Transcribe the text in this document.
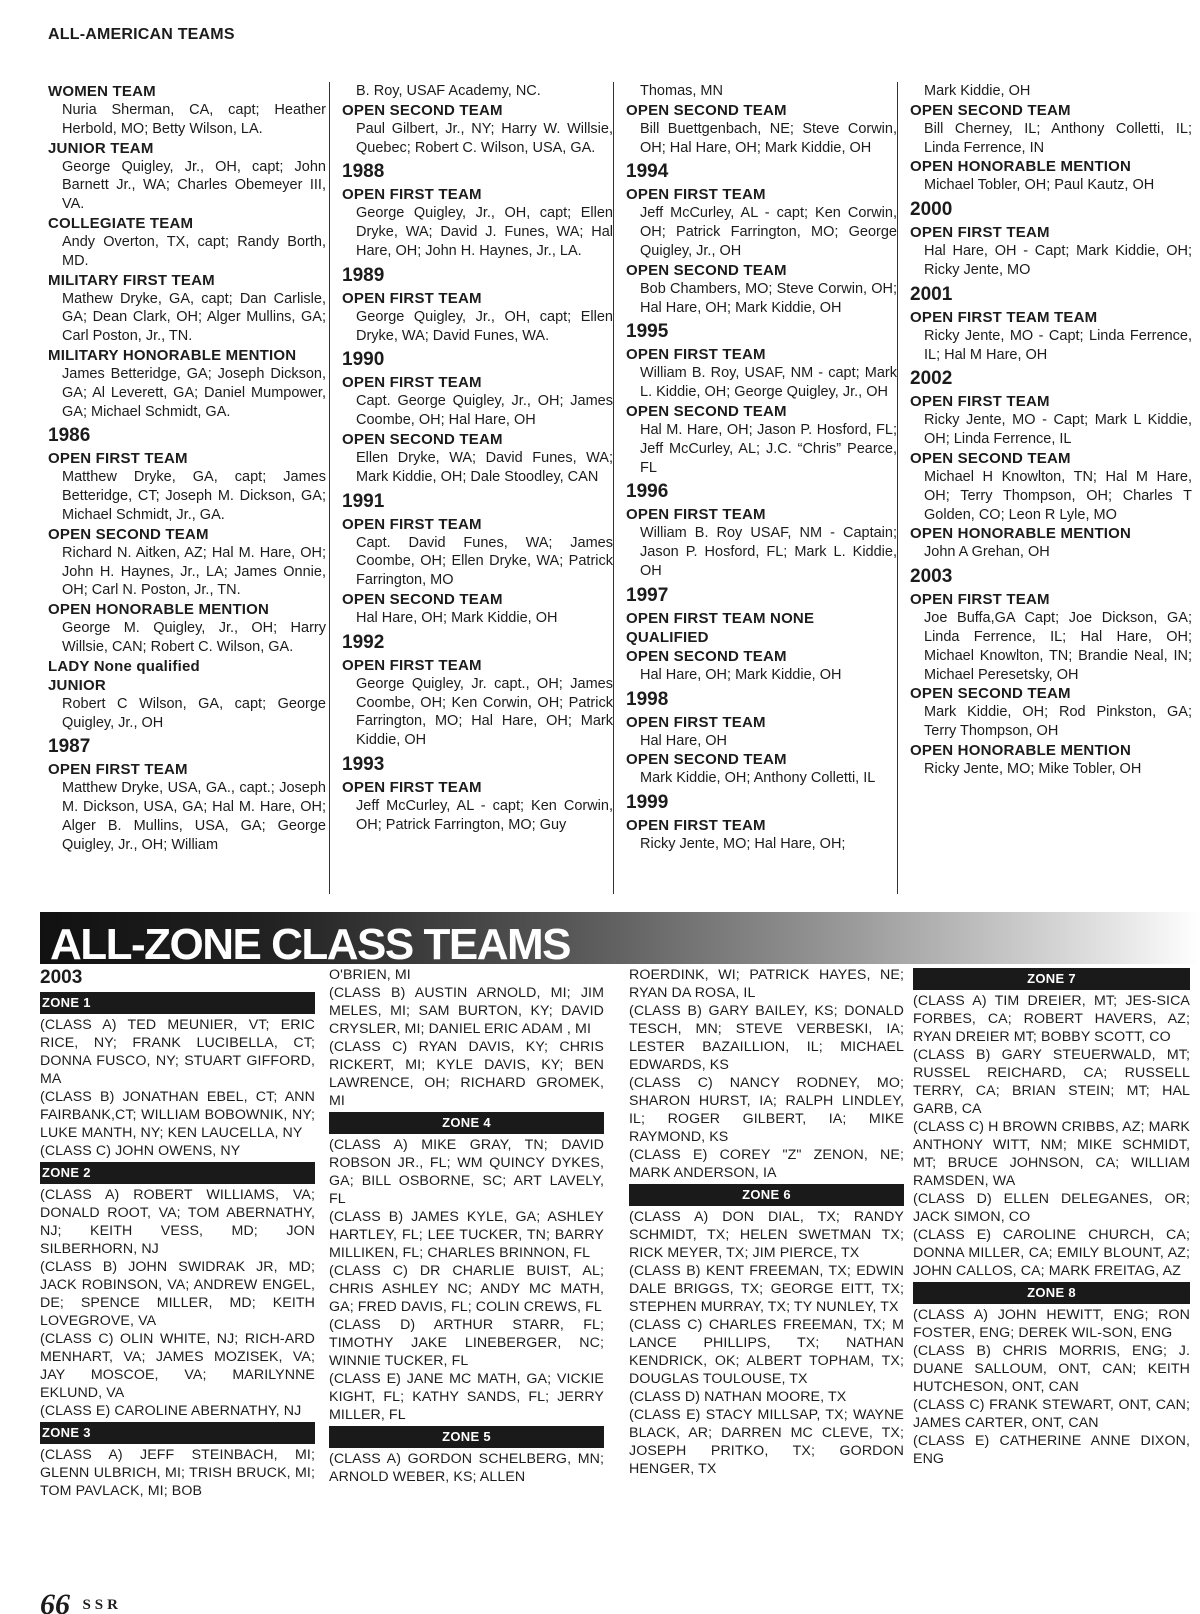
ALL-AMERICAN TEAMS
WOMEN TEAM
Nuria Sherman, CA, capt; Heather Herbold, MO; Betty Wilson, LA.
JUNIOR TEAM
George Quigley, Jr., OH, capt; John Barnett Jr., WA; Charles Obemeyer III, VA.
COLLEGIATE TEAM
Andy Overton, TX, capt; Randy Borth, MD.
MILITARY FIRST TEAM
Mathew Dryke, GA, capt; Dan Carlisle, GA; Dean Clark, OH; Alger Mullins, GA; Carl Poston, Jr., TN.
MILITARY HONORABLE MENTION
James Betteridge, GA; Joseph Dickson, GA; Al Leverett, GA; Daniel Mumpower, GA; Michael Schmidt, GA.
1986
OPEN FIRST TEAM
Matthew Dryke, GA, capt; James Betteridge, CT; Joseph M. Dickson, GA; Michael Schmidt, Jr., GA.
OPEN SECOND TEAM
Richard N. Aitken, AZ; Hal M. Hare, OH; John H. Haynes, Jr., LA; James Onnie, OH; Carl N. Poston, Jr., TN.
OPEN HONORABLE MENTION
George M. Quigley, Jr., OH; Harry Willsie, CAN; Robert C. Wilson, GA.
LADY None qualified
JUNIOR
Robert C Wilson, GA, capt; George Quigley, Jr., OH
1987
OPEN FIRST TEAM
Matthew Dryke, USA, GA., capt.; Joseph M. Dickson, USA, GA; Hal M. Hare, OH; Alger B. Mullins, USA, GA; George Quigley, Jr., OH; William
B. Roy, USAF Academy, NC.
OPEN SECOND TEAM
Paul Gilbert, Jr., NY; Harry W. Willsie, Quebec; Robert C. Wilson, USA, GA.
1988
OPEN FIRST TEAM
George Quigley, Jr., OH, capt; Ellen Dryke, WA; David J. Funes, WA; Hal Hare, OH; John H. Haynes, Jr., LA.
1989
OPEN FIRST TEAM
George Quigley, Jr., OH, capt; Ellen Dryke, WA; David Funes, WA.
1990
OPEN FIRST TEAM
Capt. George Quigley, Jr., OH; James Coombe, OH; Hal Hare, OH
OPEN SECOND TEAM
Ellen Dryke, WA; David Funes, WA; Mark Kiddie, OH; Dale Stoodley, CAN
1991
OPEN FIRST TEAM
Capt. David Funes, WA; James Coombe, OH; Ellen Dryke, WA; Patrick Farrington, MO
OPEN SECOND TEAM
Hal Hare, OH; Mark Kiddie, OH
1992
OPEN FIRST TEAM
George Quigley, Jr. capt., OH; James Coombe, OH; Ken Corwin, OH; Patrick Farrington, MO; Hal Hare, OH; Mark Kiddie, OH
1993
OPEN FIRST TEAM
Jeff McCurley, AL - capt; Ken Corwin, OH; Patrick Farrington, MO; Guy
Thomas, MN
OPEN SECOND TEAM
Bill Buettgenbach, NE; Steve Corwin, OH; Hal Hare, OH; Mark Kiddie, OH
1994
OPEN FIRST TEAM
Jeff McCurley, AL - capt; Ken Corwin, OH; Patrick Farrington, MO; George Quigley, Jr., OH
OPEN SECOND TEAM
Bob Chambers, MO; Steve Corwin, OH; Hal Hare, OH; Mark Kiddie, OH
1995
OPEN FIRST TEAM
William B. Roy, USAF, NM - capt; Mark L. Kiddie, OH; George Quigley, Jr., OH
OPEN SECOND TEAM
Hal M. Hare, OH; Jason P. Hosford, FL; Jeff McCurley, AL; J.C. “Chris” Pearce, FL
1996
OPEN FIRST TEAM
William B. Roy USAF, NM - Captain; Jason P. Hosford, FL; Mark L. Kiddie, OH
1997
OPEN FIRST TEAM NONE QUALIFIED
OPEN SECOND TEAM
Hal Hare, OH; Mark Kiddie, OH
1998
OPEN FIRST TEAM
Hal Hare, OH
OPEN SECOND TEAM
Mark Kiddie, OH; Anthony Colletti, IL
1999
OPEN FIRST TEAM
Ricky Jente, MO; Hal Hare, OH;
Mark Kiddie, OH
OPEN SECOND TEAM
Bill Cherney, IL; Anthony Colletti, IL; Linda Ferrence, IN
OPEN HONORABLE MENTION
Michael Tobler, OH; Paul Kautz, OH
2000
OPEN FIRST TEAM
Hal Hare, OH - Capt; Mark Kiddie, OH; Ricky Jente, MO
2001
OPEN FIRST TEAM TEAM
Ricky Jente, MO - Capt; Linda Ferrence, IL; Hal M Hare, OH
2002
OPEN FIRST TEAM
Ricky Jente, MO - Capt; Mark L Kiddie, OH; Linda Ferrence, IL
OPEN SECOND TEAM
Michael H Knowlton, TN; Hal M Hare, OH; Terry Thompson, OH; Charles T Golden, CO; Leon R Lyle, MO
OPEN HONORABLE MENTION
John A Grehan, OH
2003
OPEN FIRST TEAM
Joe Buffa,GA Capt; Joe Dickson, GA; Linda Ferrence, IL; Hal Hare, OH; Michael Knowlton, TN; Brandie Neal, IN; Michael Peresetsky, OH
OPEN SECOND TEAM
Mark Kiddie, OH; Rod Pinkston, GA; Terry Thompson, OH
OPEN HONORABLE MENTION
Ricky Jente, MO; Mike Tobler, OH
ALL-ZONE CLASS TEAMS
2003
ZONE 1
(CLASS A) TED MEUNIER, VT; ERIC RICE, NY; FRANK LUCIBELLA, CT; DONNA FUSCO, NY; STUART GIFFORD, MA
(CLASS B) JONATHAN EBEL, CT; ANN FAIRBANK,CT; WILLIAM BOBOWNIK, NY; LUKE MANTH, NY; KEN LAUCELLA, NY
(CLASS C) JOHN OWENS, NY
ZONE 2
(CLASS A) ROBERT WILLIAMS, VA; DONALD ROOT, VA; TOM ABERNATHY, NJ; KEITH VESS, MD; JON SILBERHORN, NJ
(CLASS B) JOHN SWIDRAK JR, MD; JACK ROBINSON, VA; ANDREW ENGEL, DE; SPENCE MILLER, MD; KEITH LOVEGROVE, VA
(CLASS C) OLIN WHITE, NJ; RICH-ARD MENHART, VA; JAMES MOZISEK, VA; JAY MOSCOE, VA; MARILYNNE EKLUND, VA
(CLASS E) CAROLINE ABERNATHY, NJ
ZONE 3
(CLASS A) JEFF STEINBACH, MI; GLENN ULBRICH, MI; TRISH BRUCK, MI; TOM PAVLACK, MI; BOB
O'BRIEN, MI
(CLASS B) AUSTIN ARNOLD, MI; JIM MELES, MI; SAM BURTON, KY; DAVID CRYSLER, MI; DANIEL ERIC ADAM , MI
(CLASS C) RYAN DAVIS, KY; CHRIS RICKERT, MI; KYLE DAVIS, KY; BEN LAWRENCE, OH; RICHARD GROMEK, MI
ZONE 4
(CLASS A) MIKE GRAY, TN; DAVID ROBSON JR., FL; WM QUINCY DYKES, GA; BILL OSBORNE, SC; ART LAVELY, FL
(CLASS B) JAMES KYLE, GA; ASHLEY HARTLEY, FL; LEE TUCKER, TN; BARRY MILLIKEN, FL; CHARLES BRINNON, FL
(CLASS C) DR CHARLIE BUIST, AL; CHRIS ASHLEY NC; ANDY MC MATH, GA; FRED DAVIS, FL; COLIN CREWS, FL
(CLASS D) ARTHUR STARR, FL; TIMOTHY JAKE LINEBERGER, NC; WINNIE TUCKER, FL
(CLASS E) JANE MC MATH, GA; VICKIE KIGHT, FL; KATHY SANDS, FL; JERRY MILLER, FL
ZONE 5
(CLASS A) GORDON SCHELBERG, MN; ARNOLD WEBER, KS; ALLEN
ROERDINK, WI; PATRICK HAYES, NE; RYAN DA ROSA, IL
(CLASS B) GARY BAILEY, KS; DONALD TESCH, MN; STEVE VERBESKI, IA; LESTER BAZAILLION, IL; MICHAEL EDWARDS, KS
(CLASS C) NANCY RODNEY, MO; SHARON HURST, IA; RALPH LINDLEY, IL; ROGER GILBERT, IA; MIKE RAYMOND, KS
(CLASS E) COREY "Z" ZENON, NE; MARK ANDERSON, IA
ZONE 6
(CLASS A) DON DIAL, TX; RANDY SCHMIDT, TX; HELEN SWETMAN TX; RICK MEYER, TX; JIM PIERCE, TX
(CLASS B) KENT FREEMAN, TX; EDWIN DALE BRIGGS, TX; GEORGE EITT, TX; STEPHEN MURRAY, TX; TY NUNLEY, TX
(CLASS C) CHARLES FREEMAN, TX; M LANCE PHILLIPS, TX; NATHAN KENDRICK, OK; ALBERT TOPHAM, TX; DOUGLAS TOULOUSE, TX
(CLASS D) NATHAN MOORE, TX
(CLASS E) STACY MILLSAP, TX; WAYNE BLACK, AR; DARREN MC CLEVE, TX; JOSEPH PRITKO, TX; GORDON HENGER, TX
ZONE 7
(CLASS A) TIM DREIER, MT; JES-SICA FORBES, CA; ROBERT HAVERS, AZ; RYAN DREIER MT; BOBBY SCOTT, CO
(CLASS B) GARY STEUERWALD, MT; RUSSEL REICHARD, CA; RUSSELL TERRY, CA; BRIAN STEIN; MT; HAL GARB, CA
(CLASS C) H BROWN CRIBBS, AZ; MARK ANTHONY WITT, NM; MIKE SCHMIDT, MT; BRUCE JOHNSON, CA; WILLIAM RAMSDEN, WA
(CLASS D) ELLEN DELEGANES, OR; JACK SIMON, CO
(CLASS E) CAROLINE CHURCH, CA; DONNA MILLER, CA; EMILY BLOUNT, AZ; JOHN CALLOS, CA; MARK FREITAG, AZ
ZONE 8
(CLASS A) JOHN HEWITT, ENG; RON FOSTER, ENG; DEREK WIL-SON, ENG
(CLASS B) CHRIS MORRIS, ENG; J. DUANE SALLOUM, ONT, CAN; KEITH HUTCHESON, ONT, CAN
(CLASS C) FRANK STEWART, ONT, CAN; JAMES CARTER, ONT, CAN
(CLASS E) CATHERINE ANNE DIXON, ENG
66 SSR
